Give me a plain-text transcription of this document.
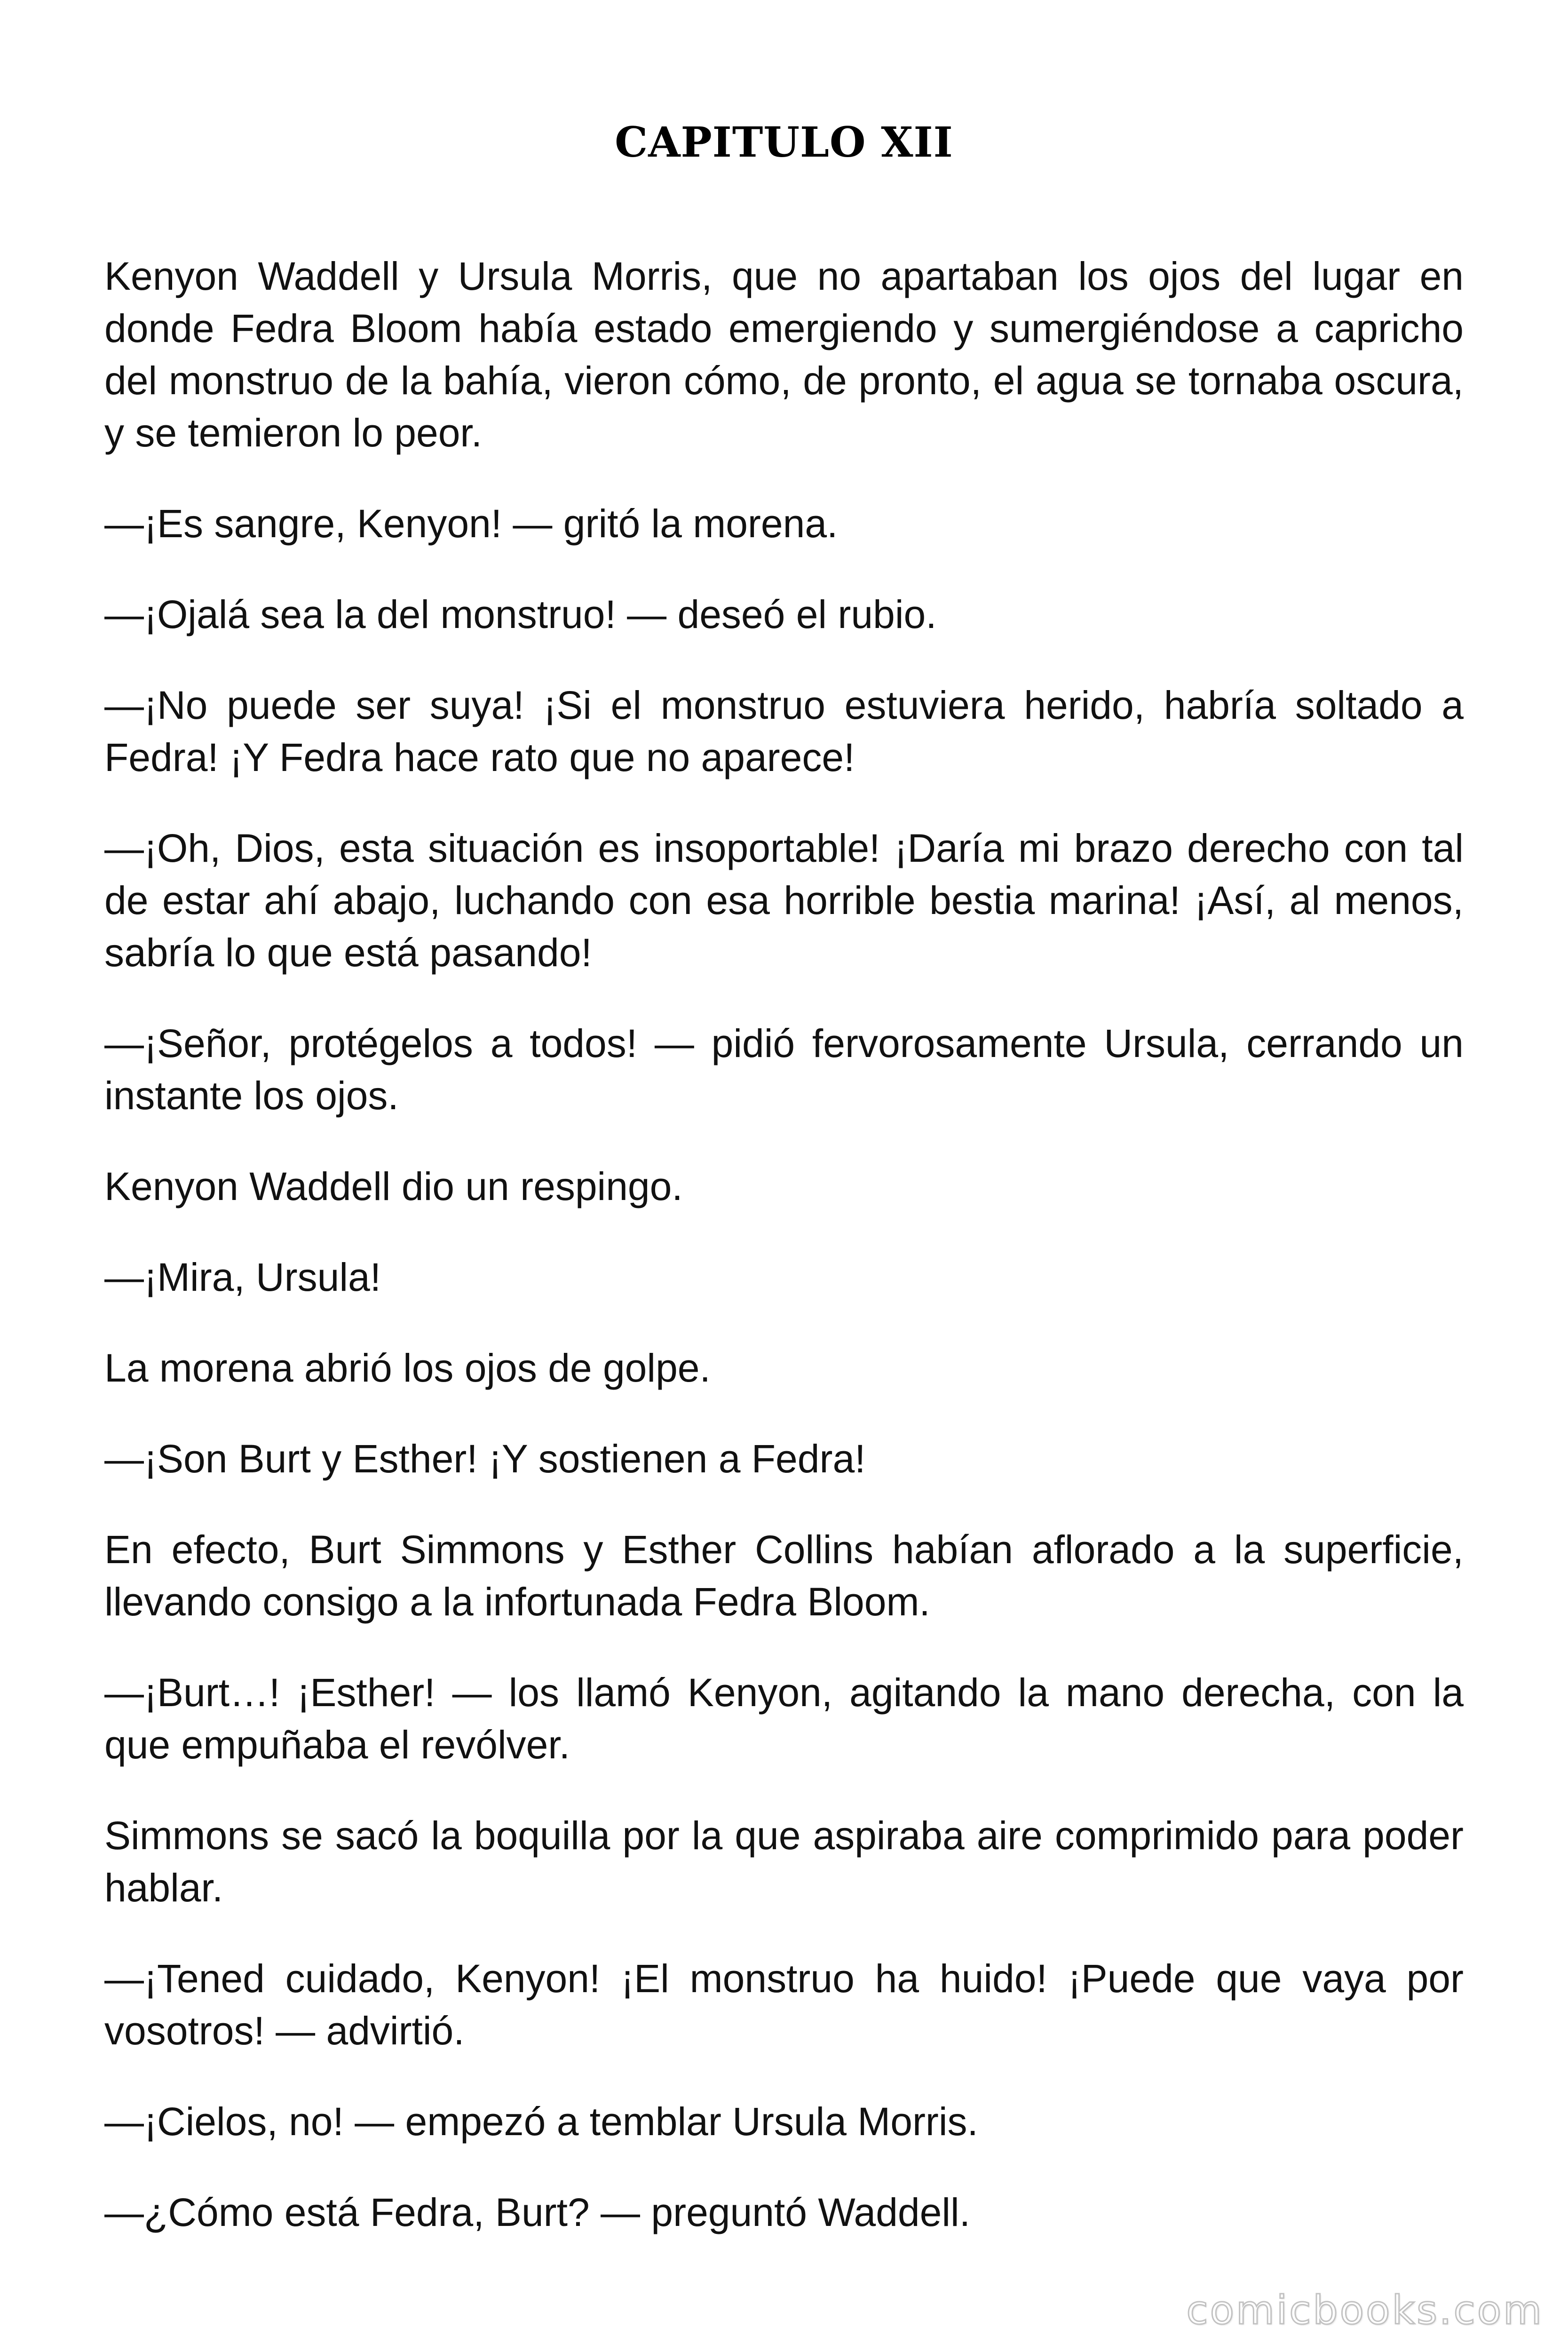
CAPITULO XII

Kenyon Waddell y Ursula Morris, que no apartaban los ojos del lugar en donde Fedra Bloom había estado emergiendo y sumergiéndose a capricho del monstruo de la bahía, vieron cómo, de pronto, el agua se tornaba oscura, y se temieron lo peor.

—¡Es sangre, Kenyon! — gritó la morena.

—¡Ojalá sea la del monstruo! — deseó el rubio.

—¡No puede ser suya! ¡Si el monstruo estuviera herido, habría soltado a Fedra! ¡Y Fedra hace rato que no aparece!

—¡Oh, Dios, esta situación es insoportable! ¡Daría mi brazo derecho con tal de estar ahí abajo, luchando con esa horrible bestia marina! ¡Así, al menos, sabría lo que está pasando!

—¡Señor, protégelos a todos! — pidió fervorosamente Ursula, cerrando un instante los ojos.

Kenyon Waddell dio un respingo.

—¡Mira, Ursula!

La morena abrió los ojos de golpe.

—¡Son Burt y Esther! ¡Y sostienen a Fedra!

En efecto, Burt Simmons y Esther Collins habían aflorado a la superficie, llevando consigo a la infortunada Fedra Bloom.

—¡Burt…! ¡Esther! — los llamó Kenyon, agitando la mano derecha, con la que empuñaba el revólver.

Simmons se sacó la boquilla por la que aspiraba aire comprimido para poder hablar.

—¡Tened cuidado, Kenyon! ¡El monstruo ha huido! ¡Puede que vaya por vosotros! — advirtió.

—¡Cielos, no! — empezó a temblar Ursula Morris.

—¿Cómo está Fedra, Burt? — preguntó Waddell.

comicbooks.com
